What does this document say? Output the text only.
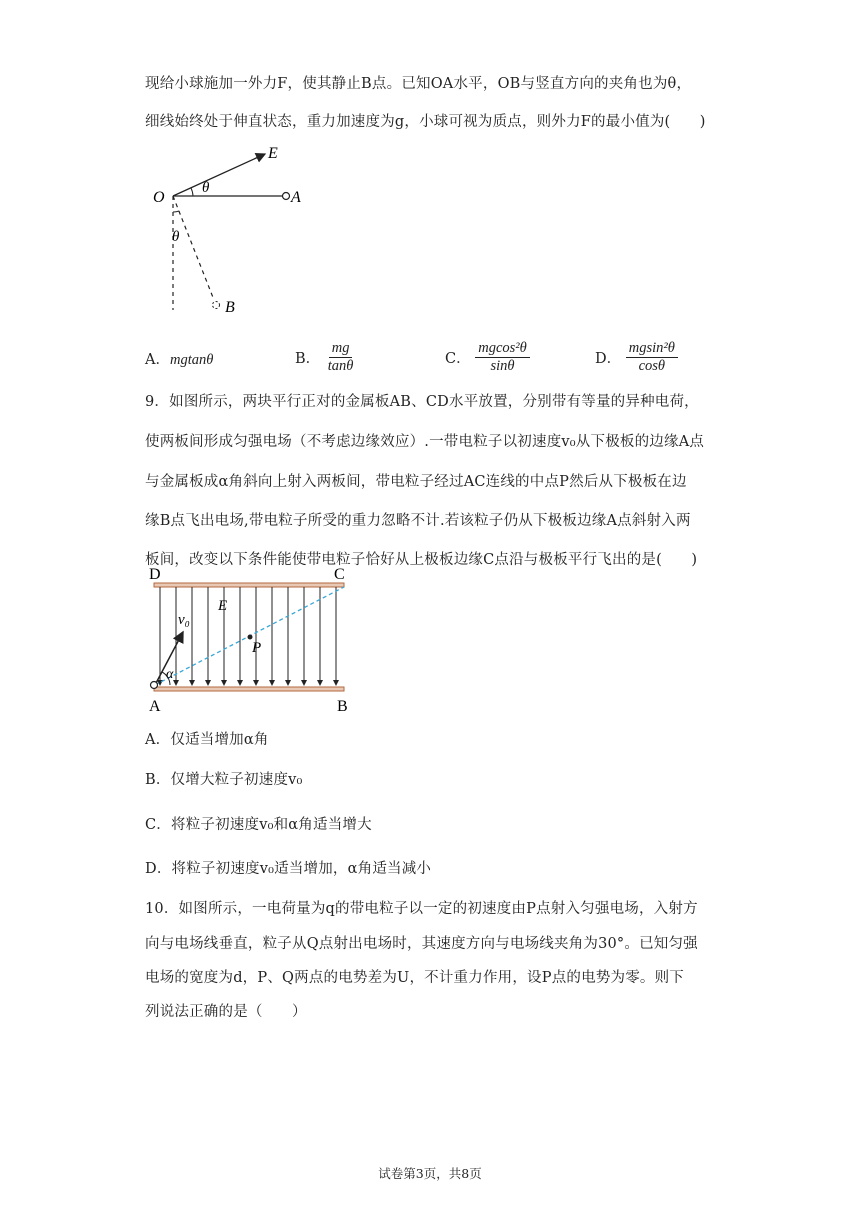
现给小球施加一外力F，使其静止B点。已知OA水平，OB与竖直方向的夹角也为θ，
细线始终处于伸直状态，重力加速度为g，小球可视为质点，则外力F的最小值为(　　)
E
O	A
B
θ
θ
A．mgtanθ	B． $\frac{mg}{\tan\theta}$	C． $\frac{\text{mgcos²θ}}{\sin\theta}$	D． $\frac{\text{mgsin²θ}}{\cos\theta}$
9．如图所示，两块平行正对的金属板AB、CD水平放置，分别带有等量的异种电荷，
使两板间形成匀强电场（不考虑边缘效应）.一带电粒子以初速度v₀从下极板的边缘A点
与金属板成α角斜向上射入两板间，带电粒子经过AC连线的中点P然后从下极板在边
缘B点飞出电场,带电粒子所受的重力忽略不计.若该粒子仍从下极板边缘A点斜射入两
板间，改变以下条件能使带电粒子恰好从上极板边缘C点沿与极板平行飞出的是(　　)
D	C
A	B
E
P
v₀
α
A．仅适当增加α角
B．仅增大粒子初速度v₀
C．将粒子初速度v₀和α角适当增大
D．将粒子初速度v₀适当增加，α角适当减小
10．如图所示，一电荷量为q的带电粒子以一定的初速度由P点射入匀强电场，入射方
向与电场线垂直，粒子从Q点射出电场时，其速度方向与电场线夹角为30°。已知匀强
电场的宽度为d，P、Q两点的电势差为U，不计重力作用，设P点的电势为零。则下
列说法正确的是（　　）
试卷第3页，共8页
